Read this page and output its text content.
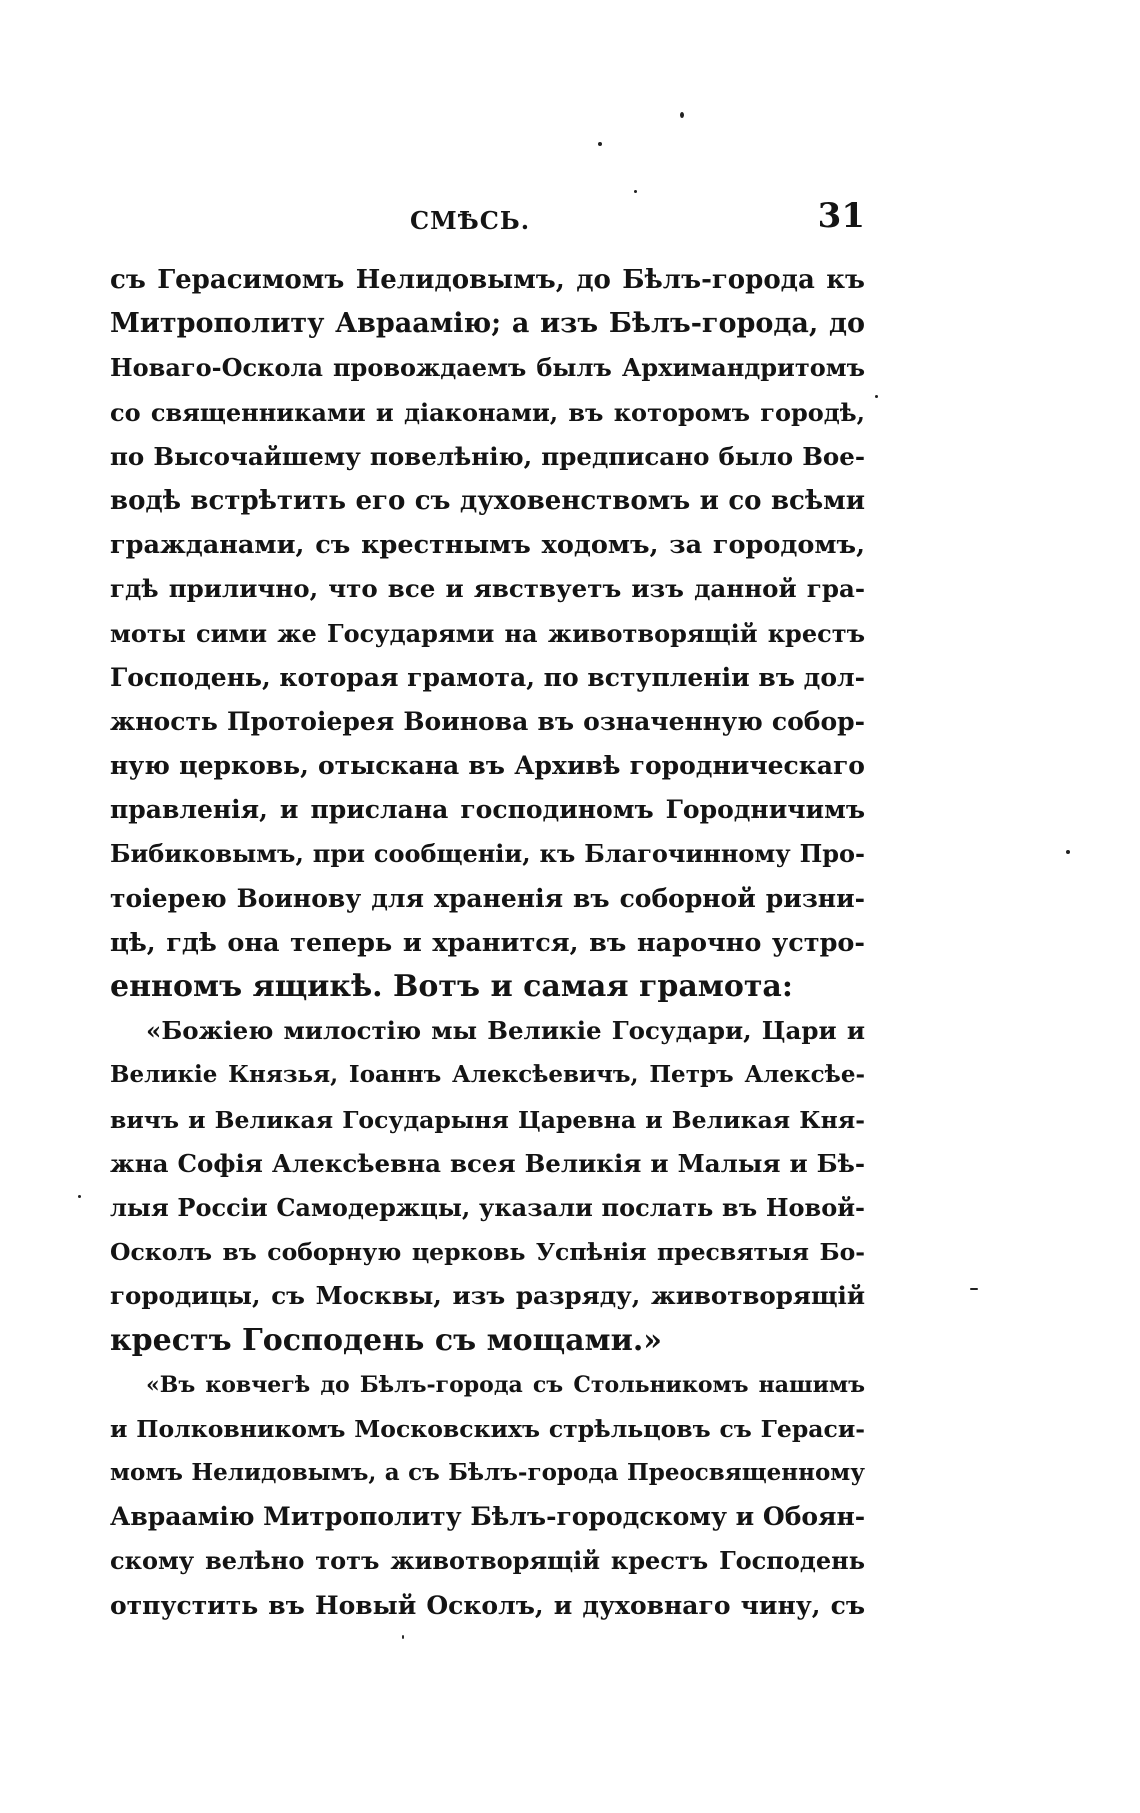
СМѢСЬ.	31
съ Герасимомъ Нелидовымъ, до Бѣлъ-города къ
Митрополиту Авраамію; а изъ Бѣлъ-города, до
Новаго-Оскола провождаемъ былъ Архимандритомъ
со священниками и діаконами, въ которомъ городѣ,
по Высочайшему повелѣнію, предписано было Вое-
водѣ встрѣтить его съ духовенствомъ и со всѣми
гражданами, съ крестнымъ ходомъ, за городомъ,
гдѣ прилично, что все и явствуетъ изъ данной гра-
моты сими же Государями на животворящій крестъ
Господень, которая грамота, по вступленіи въ дол-
жность Протоіерея Воинова въ означенную собор-
ную церковь, отыскана въ Архивѣ городническаго
правленія, и прислана господиномъ Городничимъ
Бибиковымъ, при сообщеніи, къ Благочинному Про-
тоіерею Воинову для храненія въ соборной ризни-
цѣ, гдѣ она теперь и хранится, въ нарочно устро-
енномъ ящикѣ. Вотъ и самая грамота:
«Божіею милостію мы Великіе Государи, Цари и
Великіе Князья, Іоаннъ Алексѣевичъ, Петръ Алексѣе-
вичъ и Великая Государыня Царевна и Великая Кня-
жна Софія Алексѣевна всея Великія и Малыя и Бѣ-
лыя Россіи Самодержцы, указали послать въ Новой-
Осколъ въ соборную церковь Успѣнія пресвятыя Бо-
городицы, съ Москвы, изъ разряду, животворящій
крестъ Господень съ мощами.»
«Въ ковчегѣ до Бѣлъ-города съ Стольникомъ нашимъ
и Полковникомъ Московскихъ стрѣльцовъ съ Гераси-
момъ Нелидовымъ, а съ Бѣлъ-города Преосвященному
Авраамію Митрополиту Бѣлъ-городскому и Обоян-
скому велѣно тотъ животворящій крестъ Господень
отпустить въ Новый Осколъ, и духовнаго чину, съ
